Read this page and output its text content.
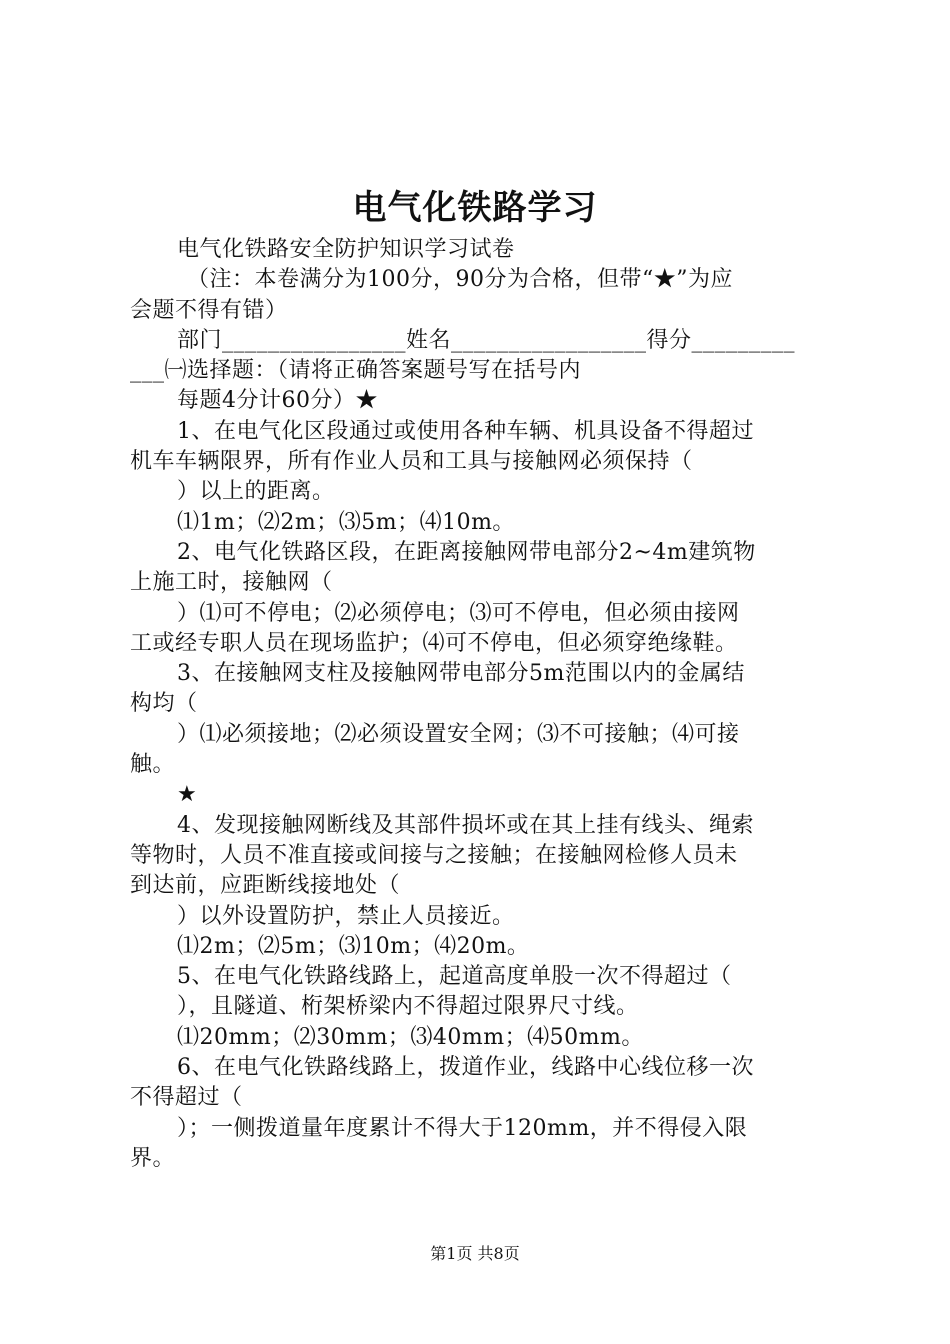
电气化铁路学习
电气化铁路安全防护知识学习试卷
（注：本卷满分为100分，90分为合格，但带“★”为应
会题不得有错）
部门________________姓名_________________得分_________
___㈠选择题：（请将正确答案题号写在括号内
每题4分计60分）★
1、在电气化区段通过或使用各种车辆、机具设备不得超过
机车车辆限界，所有作业人员和工具与接触网必须保持（
）以上的距离。
⑴1m；⑵2m；⑶5m；⑷10m。
2、电气化铁路区段，在距离接触网带电部分2~4m建筑物
上施工时，接触网（
）⑴可不停电；⑵必须停电；⑶可不停电，但必须由接网
工或经专职人员在现场监护；⑷可不停电，但必须穿绝缘鞋。
3、在接触网支柱及接触网带电部分5m范围以内的金属结
构均（
）⑴必须接地；⑵必须设置安全网；⑶不可接触；⑷可接
触。
★
4、发现接触网断线及其部件损坏或在其上挂有线头、绳索
等物时，人员不准直接或间接与之接触；在接触网检修人员未
到达前，应距断线接地处（
）以外设置防护，禁止人员接近。
⑴2m；⑵5m；⑶10m；⑷20m。
5、在电气化铁路线路上，起道高度单股一次不得超过（
），且隧道、桁架桥梁内不得超过限界尺寸线。
⑴20mm；⑵30mm；⑶40mm；⑷50mm。
6、在电气化铁路线路上，拨道作业，线路中心线位移一次
不得超过（
）；一侧拨道量年度累计不得大于120mm，并不得侵入限
界。
第1页 共8页
